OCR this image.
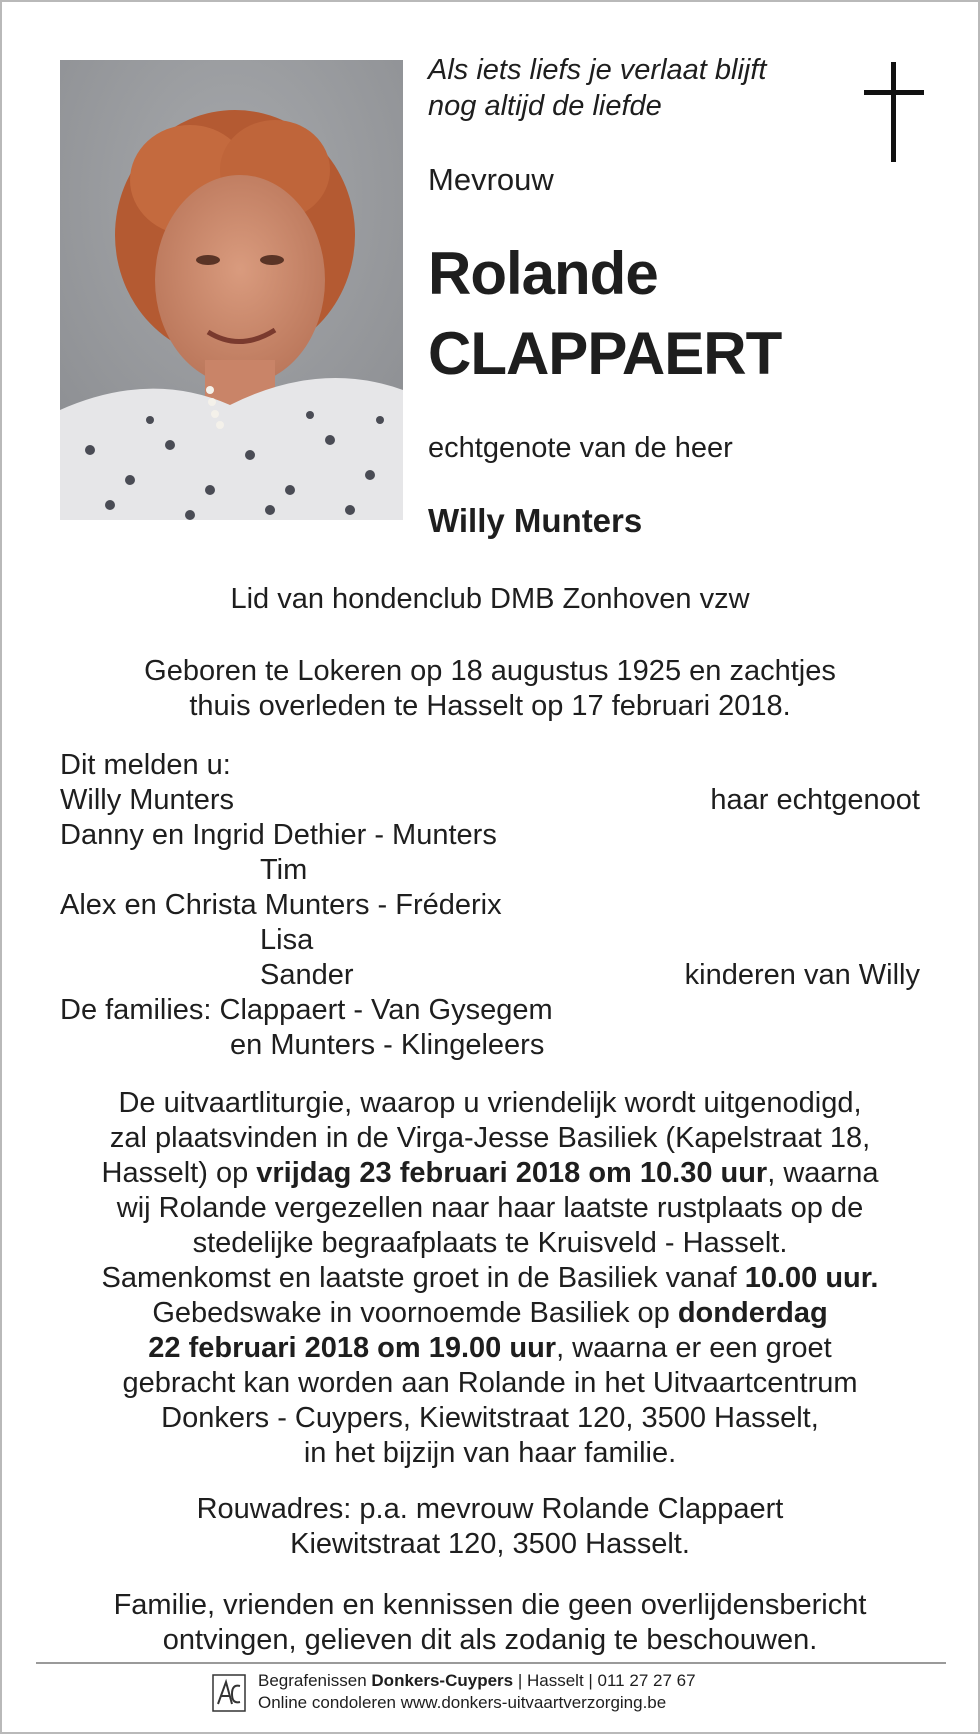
Als iets liefs je verlaat blijft
nog altijd de liefde
Mevrouw
Rolande
CLAPPAERT
echtgenote van de heer
Willy Munters
Lid van hondenclub DMB Zonhoven vzw
Geboren te Lokeren op 18 augustus 1925 en zachtjes
thuis overleden te Hasselt op 17 februari 2018.
Dit melden u:
Willy Munters	haar echtgenoot
Danny en Ingrid Dethier - Munters
Tim
Alex en Christa Munters - Fréderix
Lisa
Sander	kinderen van Willy
De families: Clappaert - Van Gysegem
en Munters - Klingeleers
De uitvaartliturgie, waarop u vriendelijk wordt uitgenodigd,
zal plaatsvinden in de Virga-Jesse Basiliek (Kapelstraat 18,
Hasselt) op vrijdag 23 februari 2018 om 10.30 uur, waarna
wij Rolande vergezellen naar haar laatste rustplaats op de
stedelijke begraafplaats te Kruisveld - Hasselt.
Samenkomst en laatste groet in de Basiliek vanaf 10.00 uur.
Gebedswake in voornoemde Basiliek op donderdag
22 februari 2018 om 19.00 uur, waarna er een groet
gebracht kan worden aan Rolande in het Uitvaartcentrum
Donkers - Cuypers, Kiewitstraat 120, 3500 Hasselt,
in het bijzijn van haar familie.
Rouwadres: p.a. mevrouw Rolande Clappaert
Kiewitstraat 120, 3500 Hasselt.
Familie, vrienden en kennissen die geen overlijdensbericht
ontvingen, gelieven dit als zodanig te beschouwen.
Begrafenissen Donkers-Cuypers | Hasselt | 011 27 27 67
Online condoleren www.donkers-uitvaartverzorging.be
